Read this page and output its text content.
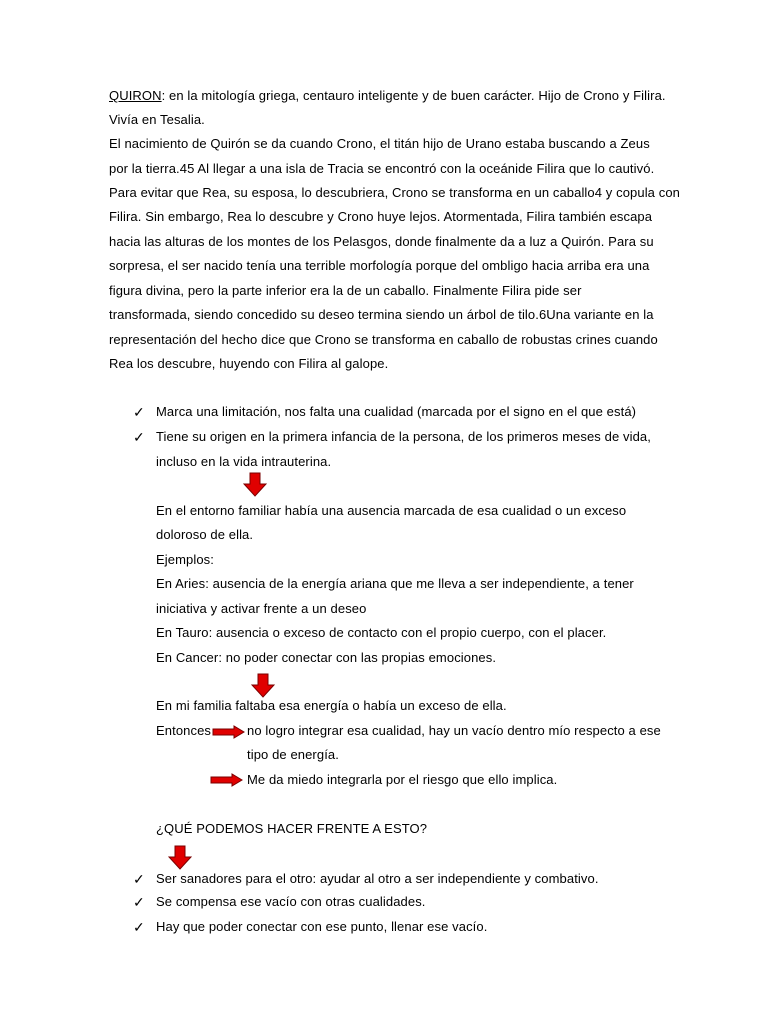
QUIRON: en la mitología griega, centauro inteligente y de buen carácter. Hijo de Crono y Filira.
Vivía en Tesalia.
El nacimiento de Quirón se da cuando Crono, el titán hijo de Urano estaba buscando a Zeus
por la tierra.45 Al llegar a una isla de Tracia se encontró con la oceánide Filira que lo cautivó.
Para evitar que Rea, su esposa, lo descubriera, Crono se transforma en un caballo4 y copula con
Filira. Sin embargo, Rea lo descubre y Crono huye lejos. Atormentada, Filira también escapa
hacia las alturas de los montes de los Pelasgos, donde finalmente da a luz a Quirón. Para su
sorpresa, el ser nacido tenía una terrible morfología porque del ombligo hacia arriba era una
figura divina, pero la parte inferior era la de un caballo. Finalmente Filira pide ser
transformada, siendo concedido su deseo termina siendo un árbol de tilo.6Una variante en la
representación del hecho dice que Crono se transforma en caballo de robustas crines cuando
Rea los descubre, huyendo con Filira al galope.
✓ Marca una limitación, nos falta una cualidad (marcada por el signo en el que está)
✓ Tiene su origen en la primera infancia de la persona, de los primeros meses de vida,
incluso en la vida intrauterina.
En el entorno familiar había una ausencia marcada de esa cualidad o un exceso
doloroso de ella.
Ejemplos:
En Aries: ausencia de la energía ariana que me lleva a ser independiente, a tener
iniciativa y activar frente a un deseo
En Tauro: ausencia o exceso de contacto con el propio cuerpo, con el placer.
En Cancer: no poder conectar con las propias emociones.
En mi familia faltaba esa energía o había un exceso de ella.
Entonces	no logro integrar esa cualidad, hay un vacío dentro mío respecto a ese
tipo de energía.
Me da miedo integrarla por el riesgo que ello implica.
¿QUÉ PODEMOS HACER FRENTE A ESTO?
✓ Ser sanadores para el otro: ayudar al otro a ser independiente y combativo.
✓ Se compensa ese vacío con otras cualidades.
✓ Hay que poder conectar con ese punto, llenar ese vacío.
